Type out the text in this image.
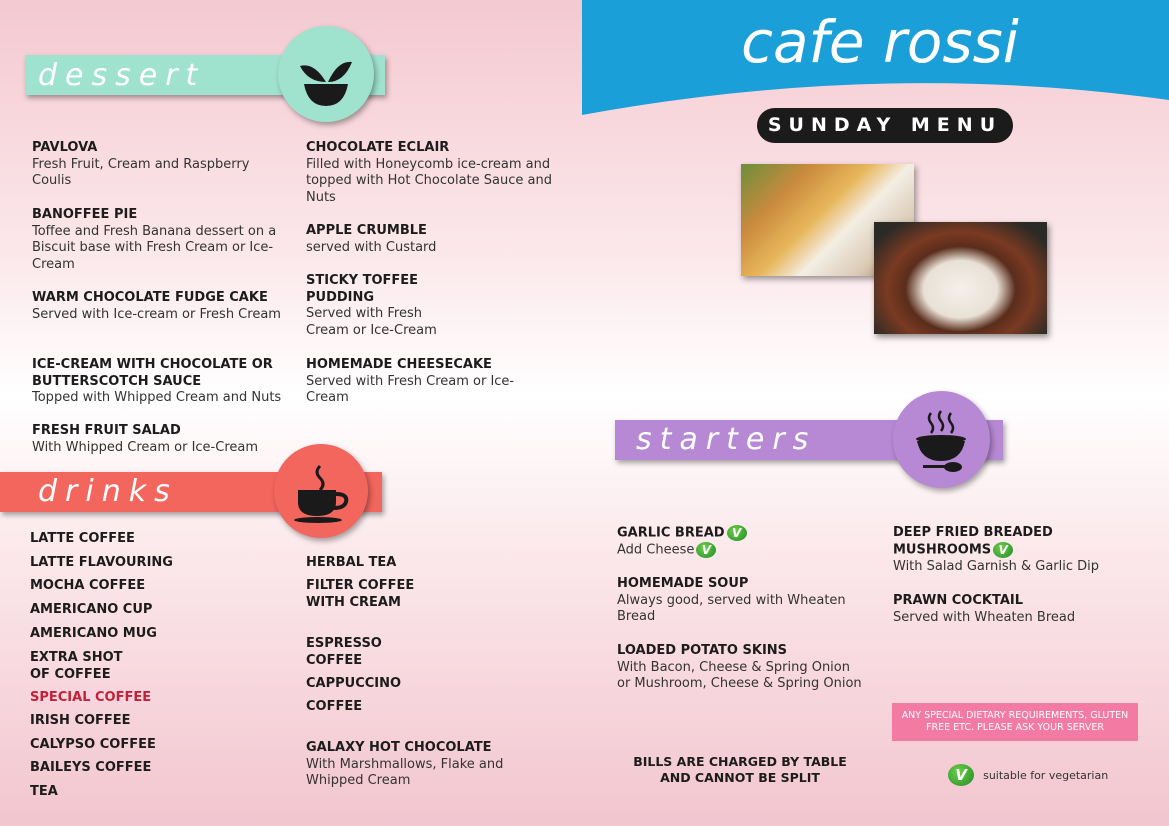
cafe rossi
SUNDAY MENU
dessert
PAVLOVA
Fresh Fruit, Cream and Raspberry Coulis
BANOFFEE PIE
Toffee and Fresh Banana dessert on a Biscuit base with Fresh Cream or Ice-Cream
WARM CHOCOLATE FUDGE CAKE
Served with Ice-cream or Fresh Cream
ICE-CREAM WITH CHOCOLATE OR BUTTERSCOTCH SAUCE
Topped with Whipped Cream and Nuts
FRESH FRUIT SALAD
With Whipped Cream or Ice-Cream
CHOCOLATE ECLAIR
Filled with Honeycomb ice-cream and topped with Hot Chocolate Sauce and Nuts
APPLE CRUMBLE
served with Custard
STICKY TOFFEE PUDDING
Served with Fresh Cream or Ice-Cream
HOMEMADE CHEESECAKE
Served with Fresh Cream or Ice-Cream
drinks
LATTE COFFEE
LATTE FLAVOURING
MOCHA COFFEE
AMERICANO CUP
AMERICANO MUG
EXTRA SHOT OF COFFEE
SPECIAL COFFEE
IRISH COFFEE
CALYPSO COFFEE
BAILEYS COFFEE
TEA
HERBAL TEA
FILTER COFFEE WITH CREAM
ESPRESSO COFFEE
CAPPUCCINO
COFFEE
GALAXY HOT CHOCOLATE
With Marshmallows, Flake and Whipped Cream
starters
GARLIC BREAD V
Add Cheese V
HOMEMADE SOUP
Always good, served with Wheaten Bread
LOADED POTATO SKINS
With Bacon, Cheese & Spring Onion or Mushroom, Cheese & Spring Onion
DEEP FRIED BREADED MUSHROOMS V
With Salad Garnish & Garlic Dip
PRAWN COCKTAIL
Served with Wheaten Bread
ANY SPECIAL DIETARY REQUIREMENTS, GLUTEN FREE ETC. PLEASE ASK YOUR SERVER
BILLS ARE CHARGED BY TABLE AND CANNOT BE SPLIT	V suitable for vegetarian
